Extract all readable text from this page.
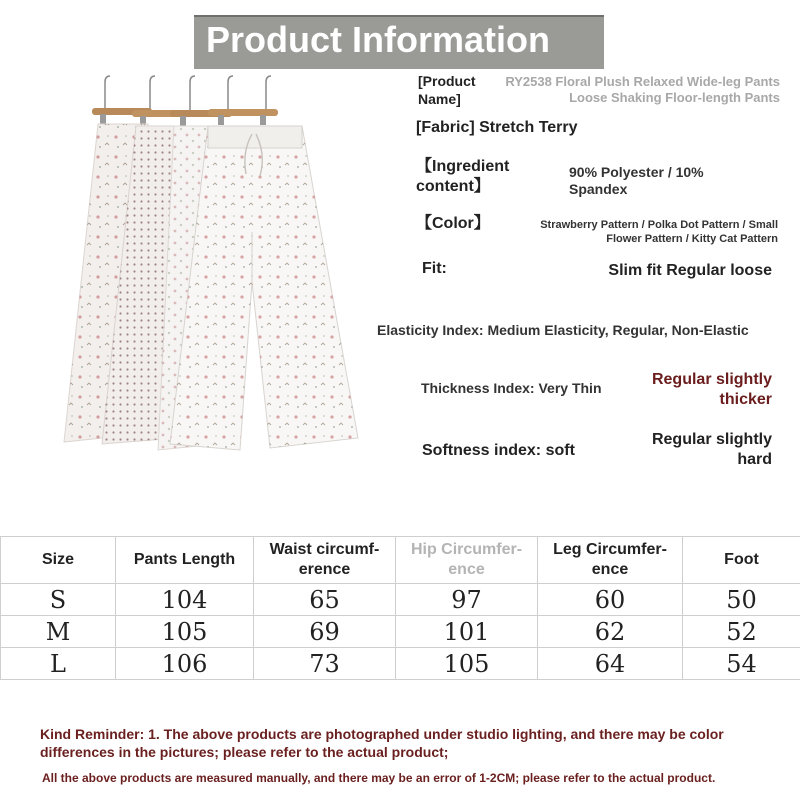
Product Information
[Product Name]
RY2538 Floral Plush Relaxed Wide-leg Pants Loose Shaking Floor-length Pants
[Fabric] Stretch Terry
【Ingredient content】
90% Polyester / 10% Spandex
【Color】	Strawberry Pattern / Polka Dot Pattern / Small Flower Pattern / Kitty Cat Pattern
Fit:	Slim fit Regular loose
Elasticity Index: Medium Elasticity, Regular, Non-Elastic
Thickness Index: Very Thin	Regular slightly thicker
Softness index: soft
Regular slightly hard
Size	Pants Length	Waist circumf-erence	Hip Circumfer-ence	Leg Circumfer-ence	Foot
S	104	65	97	60	50
M	105	69	101	62	52
L	106	73	105	64	54
Kind Reminder: 1. The above products are photographed under studio lighting, and there may be color differences in the pictures; please refer to the actual product;
All the above products are measured manually, and there may be an error of 1-2CM; please refer to the actual product.
